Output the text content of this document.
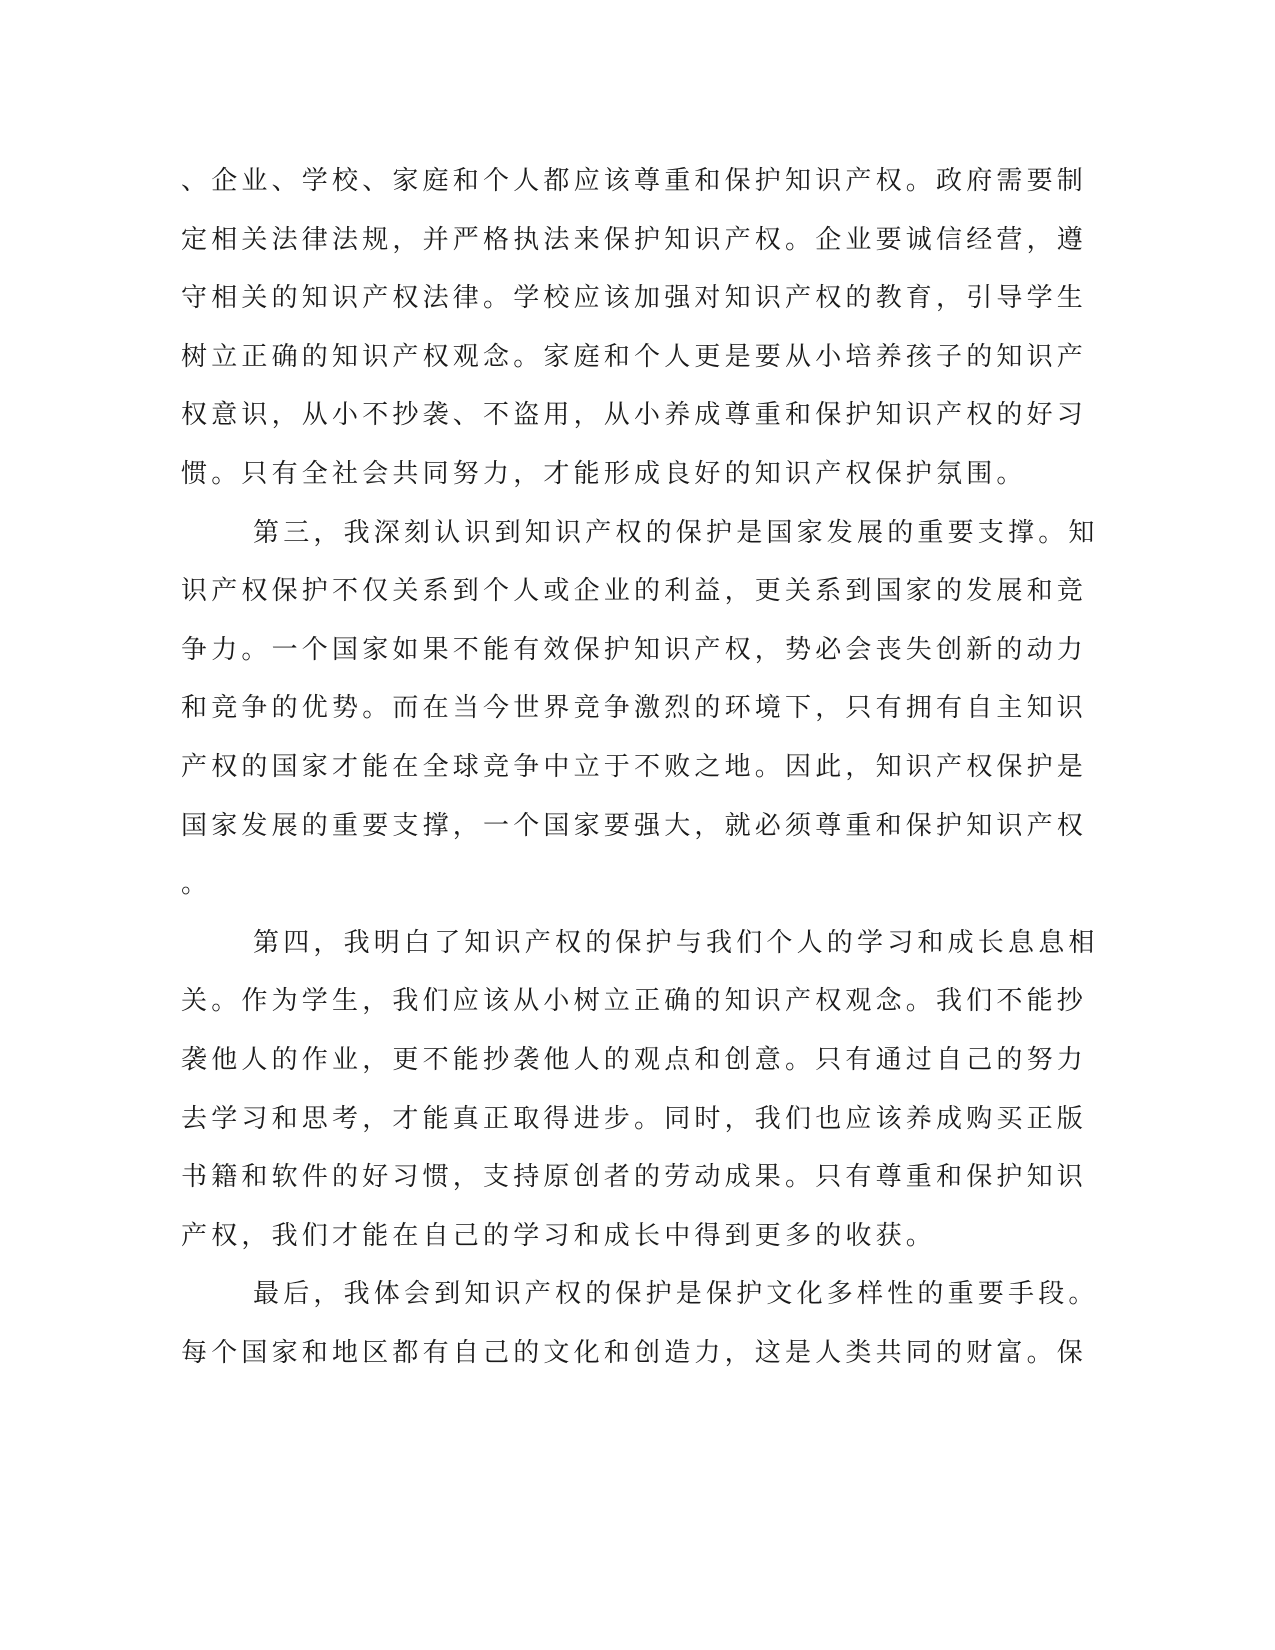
、企业、学校、家庭和个人都应该尊重和保护知识产权。政府需要制
定相关法律法规，并严格执法来保护知识产权。企业要诚信经营，遵
守相关的知识产权法律。学校应该加强对知识产权的教育，引导学生
树立正确的知识产权观念。家庭和个人更是要从小培养孩子的知识产
权意识，从小不抄袭、不盗用，从小养成尊重和保护知识产权的好习
惯。只有全社会共同努力，才能形成良好的知识产权保护氛围。
第三，我深刻认识到知识产权的保护是国家发展的重要支撑。知
识产权保护不仅关系到个人或企业的利益，更关系到国家的发展和竞
争力。一个国家如果不能有效保护知识产权，势必会丧失创新的动力
和竞争的优势。而在当今世界竞争激烈的环境下，只有拥有自主知识
产权的国家才能在全球竞争中立于不败之地。因此，知识产权保护是
国家发展的重要支撑，一个国家要强大，就必须尊重和保护知识产权
。
第四，我明白了知识产权的保护与我们个人的学习和成长息息相
关。作为学生，我们应该从小树立正确的知识产权观念。我们不能抄
袭他人的作业，更不能抄袭他人的观点和创意。只有通过自己的努力
去学习和思考，才能真正取得进步。同时，我们也应该养成购买正版
书籍和软件的好习惯，支持原创者的劳动成果。只有尊重和保护知识
产权，我们才能在自己的学习和成长中得到更多的收获。
最后，我体会到知识产权的保护是保护文化多样性的重要手段。
每个国家和地区都有自己的文化和创造力，这是人类共同的财富。保
